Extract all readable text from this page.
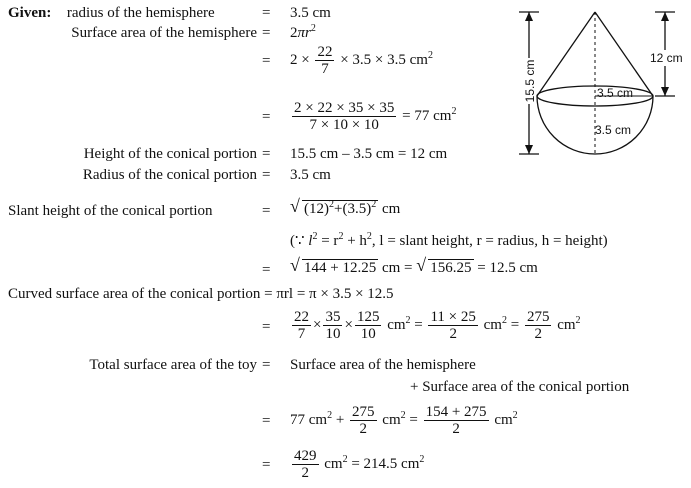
Given: radius of the hemisphere	= 3.5 cm
Surface area of the hemisphere = $2\pi r^2$
= $2 \times \frac{22}{7} \times 3.5 \times 3.5$ $cm^2$
= $\frac{2 \times 22 \times 35 \times 35}{7 \times 10 \times 10} = 77$ $cm^2$
Height of the conical portion = 15.5 cm – 3.5 cm = 12 cm
Radius of the conical portion = 3.5 cm
Slant height of the conical portion	= √ $(12)^2+(3.5)^2$ cm
(∵ $l^2 = r^2 + h^2$, l = slant height, r = radius, h = height)
= √ 144 + 12.25 cm = √ 156.25 = 12.5 cm
Curved surface area of the conical portion = πrl = π × 3.5 × 12.5
= $\frac{22}{7} \times \frac{35}{10} \times \frac{125}{10} cm^2 = \frac{11 \times 25}{2} cm^2 = \frac{275}{2} cm^2$
Total surface area of the toy = Surface area of the hemisphere
+ Surface area of the conical portion
= 77 $cm^2 + \frac{275}{2} cm^2 = \frac{154 + 275}{2} cm^2$
= $\frac{429}{2} cm^2 = 214.5$ $cm^2$
15.5 cm	3.5 cm
3.5 cm
12 cm
